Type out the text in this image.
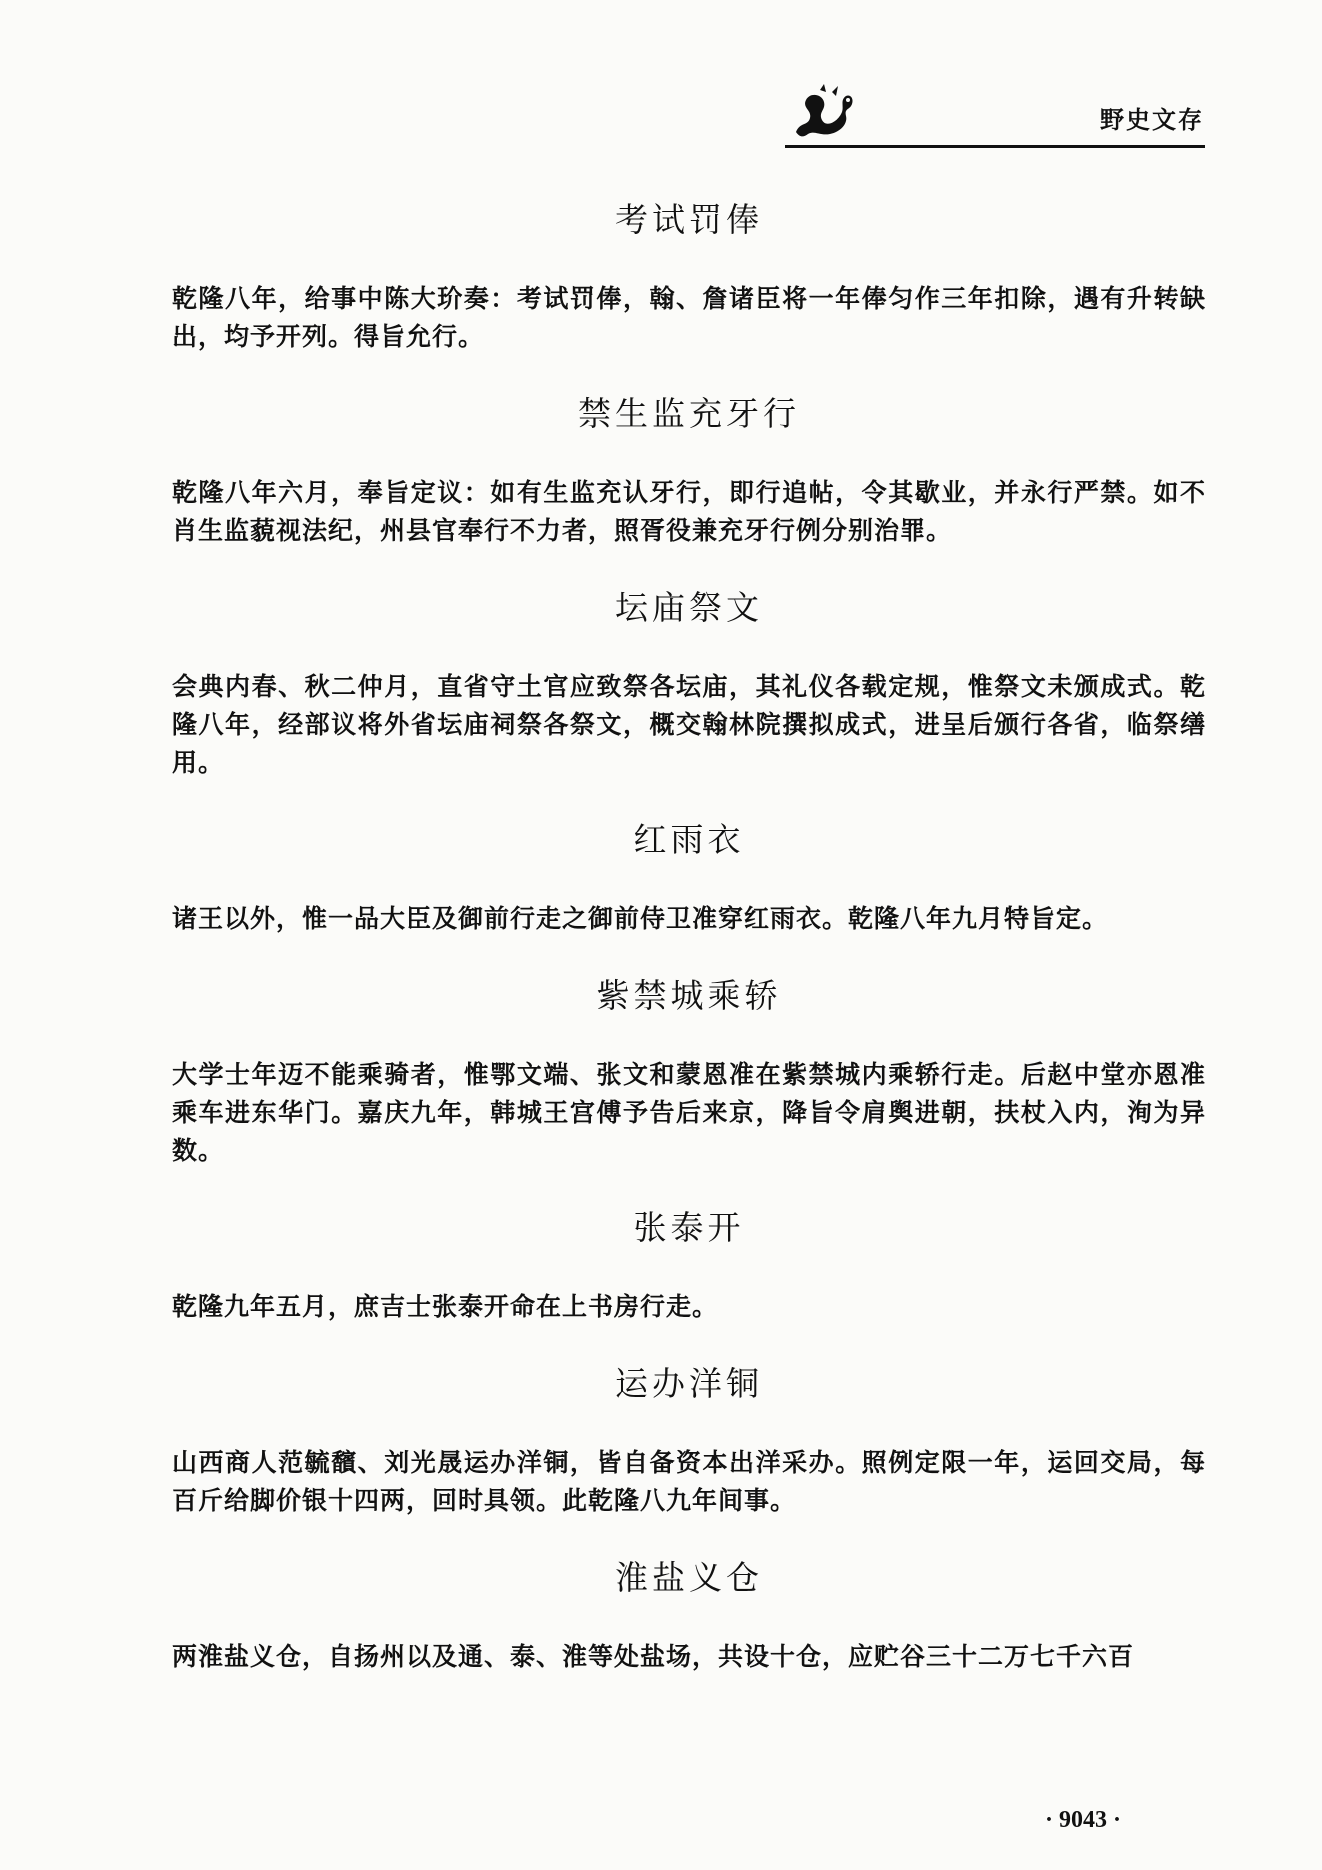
野史文存
考试罚俸

乾隆八年，给事中陈大玠奏：考试罚俸，翰、詹诸臣将一年俸匀作三年扣除，遇有升转缺出，均予开列。得旨允行。

禁生监充牙行

乾隆八年六月，奉旨定议：如有生监充认牙行，即行追帖，令其歇业，并永行严禁。如不肖生监藐视法纪，州县官奉行不力者，照胥役兼充牙行例分别治罪。

坛庙祭文

会典内春、秋二仲月，直省守土官应致祭各坛庙，其礼仪各载定规，惟祭文未颁成式。乾隆八年，经部议将外省坛庙祠祭各祭文，概交翰林院撰拟成式，进呈后颁行各省，临祭缮用。

红雨衣

诸王以外，惟一品大臣及御前行走之御前侍卫准穿红雨衣。乾隆八年九月特旨定。

紫禁城乘轿

大学士年迈不能乘骑者，惟鄂文端、张文和蒙恩准在紫禁城内乘轿行走。后赵中堂亦恩准乘车进东华门。嘉庆九年，韩城王宫傅予告后来京，降旨令肩舆进朝，扶杖入内，洵为异数。

张泰开

乾隆九年五月，庶吉士张泰开命在上书房行走。

运办洋铜

山西商人范毓馪、刘光晟运办洋铜，皆自备资本出洋采办。照例定限一年，运回交局，每百斤给脚价银十四两，回时具领。此乾隆八九年间事。

淮盐义仓

两淮盐义仓，自扬州以及通、泰、淮等处盐场，共设十仓，应贮谷三十二万七千六百

· 9043 ·
